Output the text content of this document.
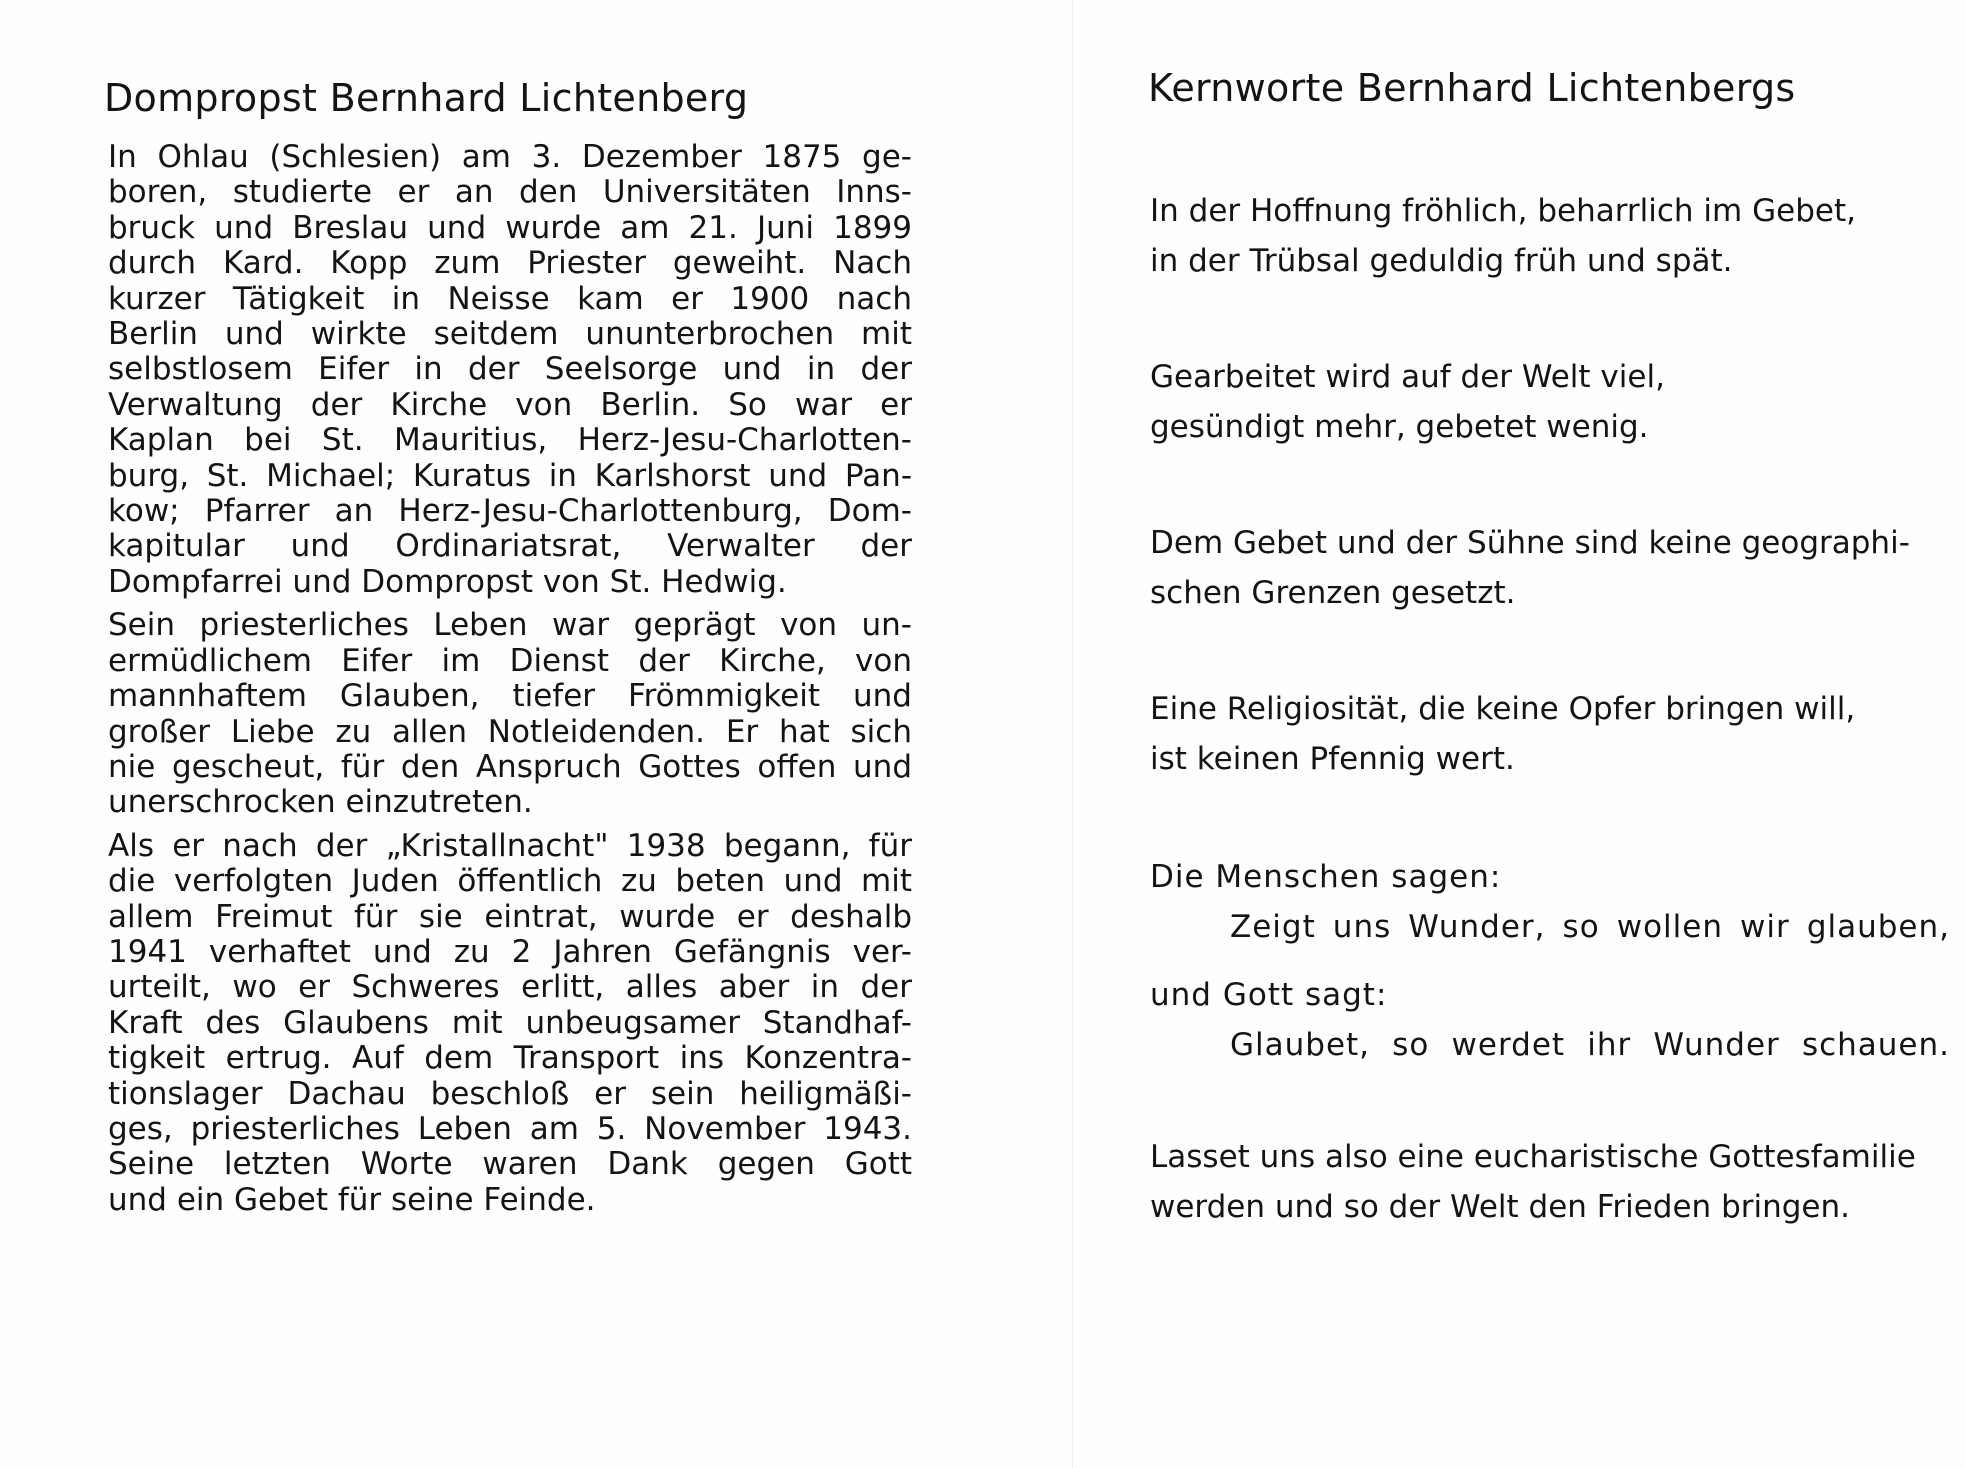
Dompropst Bernhard Lichtenberg

In Ohlau (Schlesien) am 3. Dezember 1875 ge-
boren, studierte er an den Universitäten Inns-
bruck und Breslau und wurde am 21. Juni 1899
durch Kard. Kopp zum Priester geweiht. Nach
kurzer Tätigkeit in Neisse kam er 1900 nach
Berlin und wirkte seitdem ununterbrochen mit
selbstlosem Eifer in der Seelsorge und in der
Verwaltung der Kirche von Berlin. So war er
Kaplan bei St. Mauritius, Herz-Jesu-Charlotten-
burg, St. Michael; Kuratus in Karlshorst und Pan-
kow; Pfarrer an Herz-Jesu-Charlottenburg, Dom-
kapitular und Ordinariatsrat, Verwalter der
Dompfarrei und Dompropst von St. Hedwig.

Sein priesterliches Leben war geprägt von un-
ermüdlichem Eifer im Dienst der Kirche, von
mannhaftem Glauben, tiefer Frömmigkeit und
großer Liebe zu allen Notleidenden. Er hat sich
nie gescheut, für den Anspruch Gottes offen und
unerschrocken einzutreten.

Als er nach der „Kristallnacht" 1938 begann, für
die verfolgten Juden öffentlich zu beten und mit
allem Freimut für sie eintrat, wurde er deshalb
1941 verhaftet und zu 2 Jahren Gefängnis ver-
urteilt, wo er Schweres erlitt, alles aber in der
Kraft des Glaubens mit unbeugsamer Standhaf-
tigkeit ertrug. Auf dem Transport ins Konzentra-
tionslager Dachau beschloß er sein heiligmäßi-
ges, priesterliches Leben am 5. November 1943.
Seine letzten Worte waren Dank gegen Gott
und ein Gebet für seine Feinde.

Kernworte Bernhard Lichtenbergs
In der Hoffnung fröhlich, beharrlich im Gebet,
in der Trübsal geduldig früh und spät.
Gearbeitet wird auf der Welt viel,
gesündigt mehr, gebetet wenig.
Dem Gebet und der Sühne sind keine geographi-
schen Grenzen gesetzt.
Eine Religiosität, die keine Opfer bringen will,
ist keinen Pfennig wert.
Die Menschen sagen:
Zeigt uns Wunder, so wollen wir glauben,
und Gott sagt:
Glaubet, so werdet ihr Wunder schauen.
Lasset uns also eine eucharistische Gottesfamilie
werden und so der Welt den Frieden bringen.
